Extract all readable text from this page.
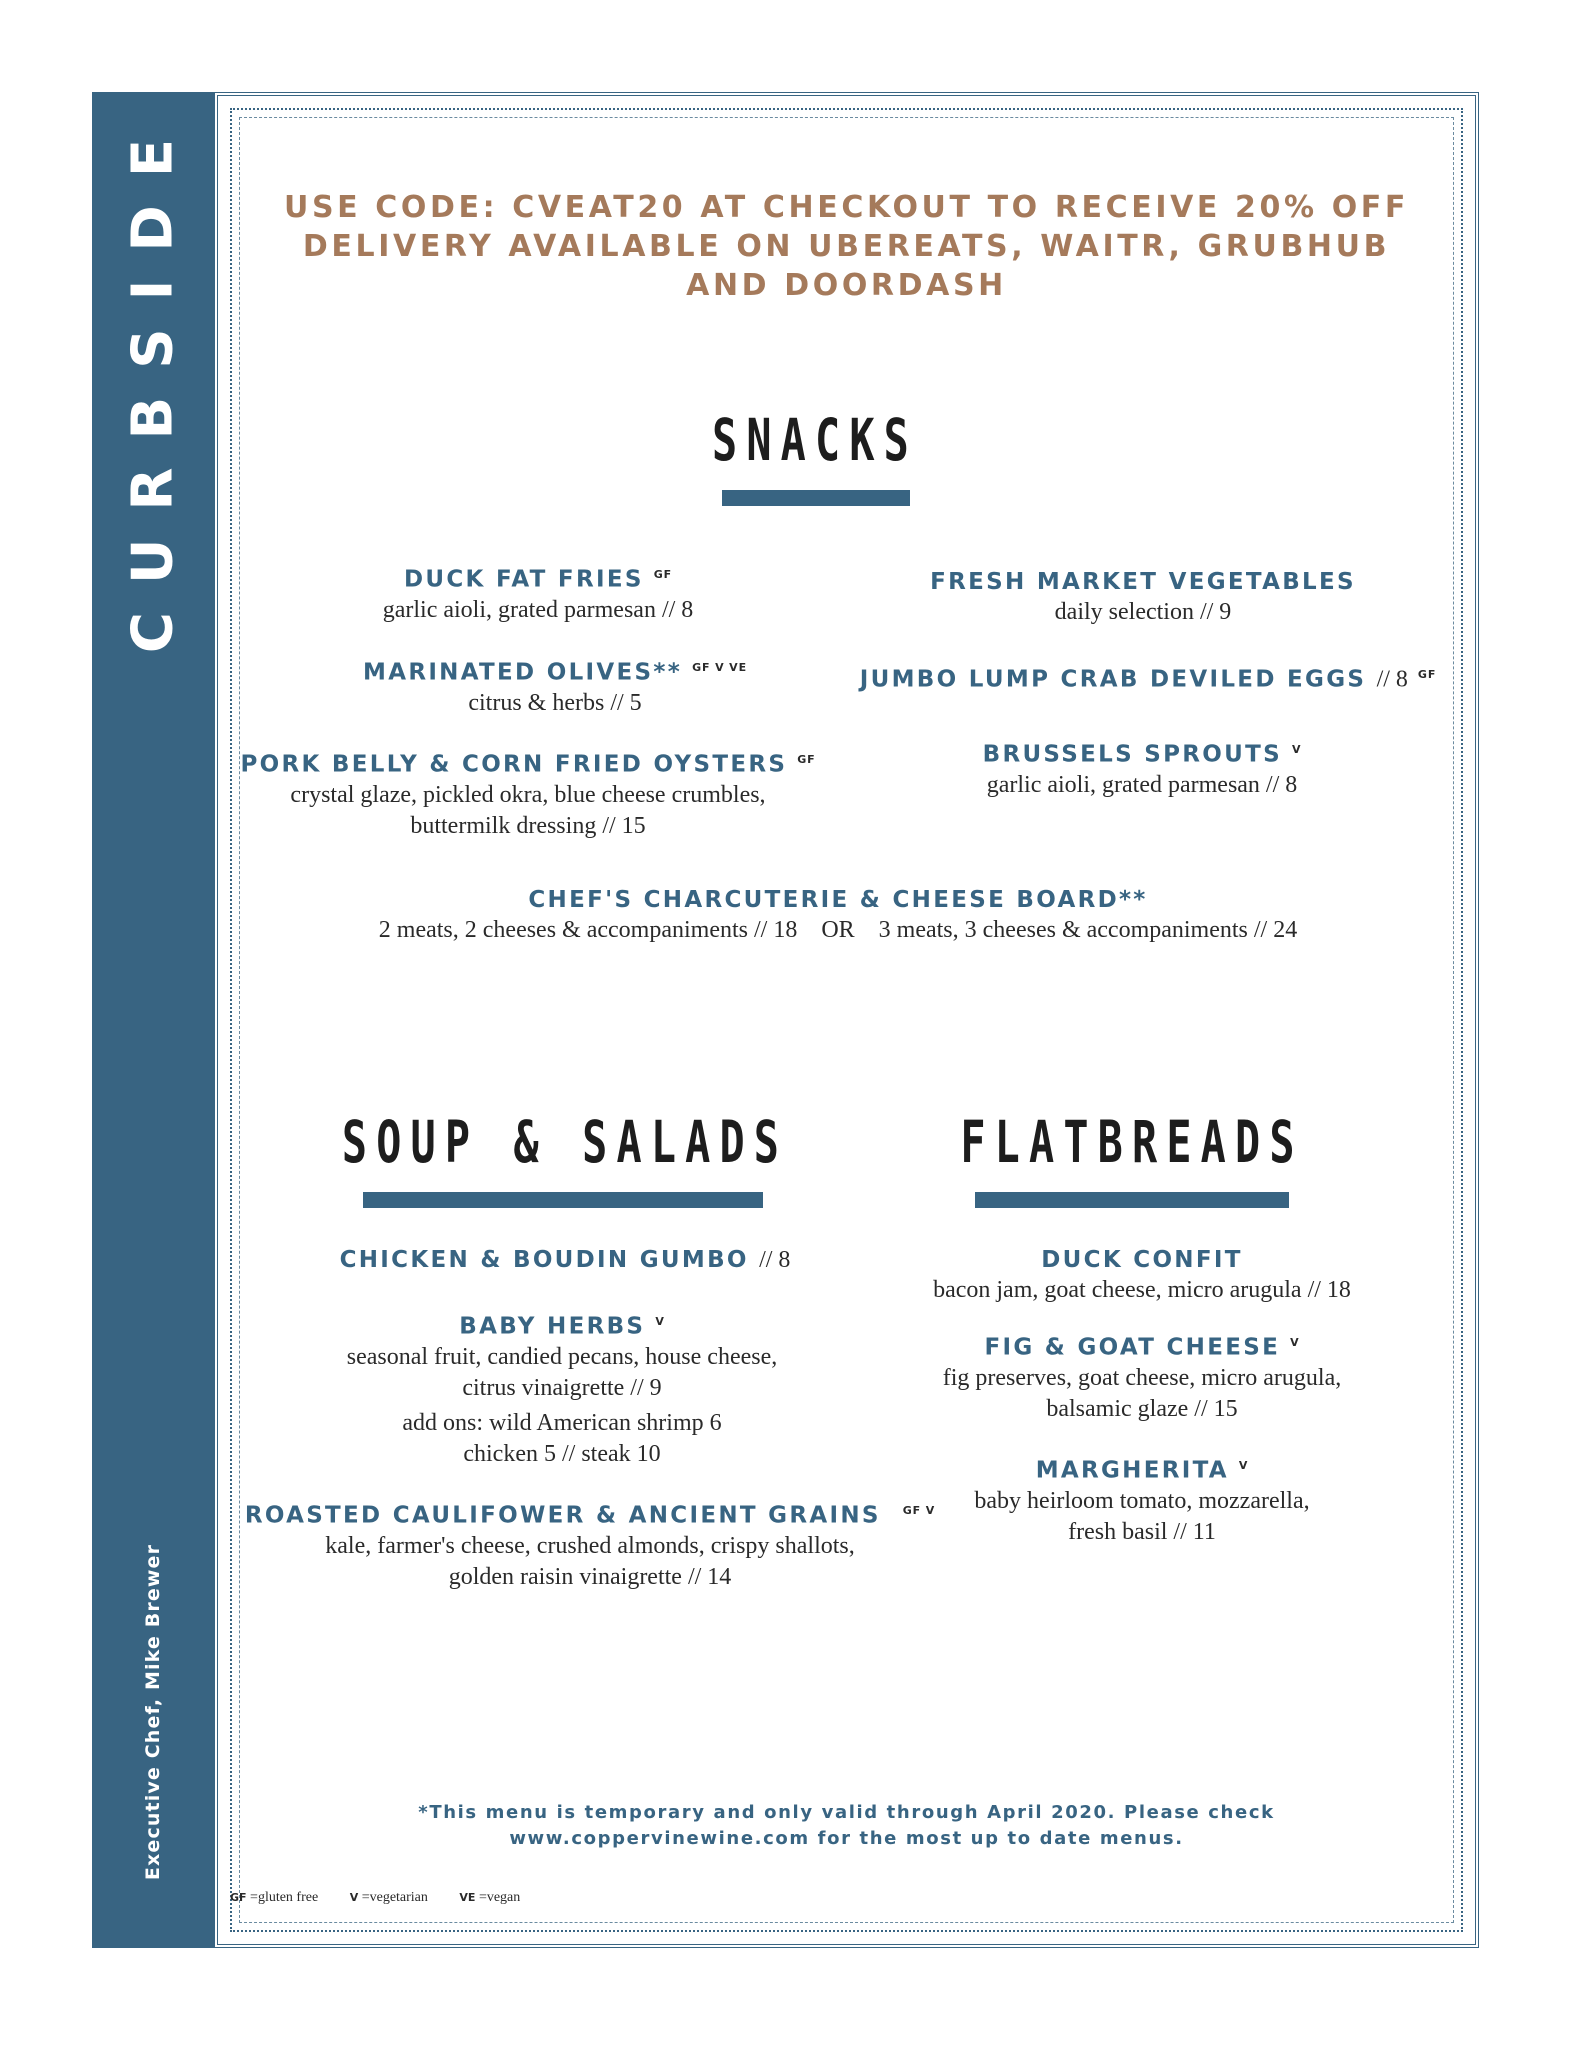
CURBSIDE
Executive Chef, Mike Brewer
USE CODE: CVEAT20 AT CHECKOUT TO RECEIVE 20% OFF
DELIVERY AVAILABLE ON UBEREATS, WAITR, GRUBHUB
AND DOORDASH
SNACKS
DUCK FAT FRIES $^{GF}$
garlic aioli, grated parmesan // 8
MARINATED OLIVES** $^{GF V VE}$
citrus & herbs // 5
PORK BELLY & CORN FRIED OYSTERS $^{GF}$
crystal glaze, pickled okra, blue cheese crumbles,
buttermilk dressing // 15
FRESH MARKET VEGETABLES
daily selection // 9
JUMBO LUMP CRAB DEVILED EGGS // 8 $^{GF}$
BRUSSELS SPROUTS $^V$
garlic aioli, grated parmesan // 8
CHEF'S CHARCUTERIE & CHEESE BOARD**
2 meats, 2 cheeses & accompaniments // 18    OR    3 meats, 3 cheeses & accompaniments // 24
SOUP & SALADS
CHICKEN & BOUDIN GUMBO // 8
BABY HERBS $^V$
seasonal fruit, candied pecans, house cheese,
citrus vinaigrette // 9
add ons: wild American shrimp 6
chicken 5 // steak 10
ROASTED CAULIFOWER & ANCIENT GRAINS $^{GF V}$
kale, farmer's cheese, crushed almonds, crispy shallots,
golden raisin vinaigrette // 14
FLATBREADS
DUCK CONFIT
bacon jam, goat cheese, micro arugula // 18
FIG & GOAT CHEESE $^V$
fig preserves, goat cheese, micro arugula,
balsamic glaze // 15
MARGHERITA $^V$
baby heirloom tomato, mozzarella,
fresh basil // 11
*This menu is temporary and only valid through April 2020. Please check
www.coppervinewine.com for the most up to date menus.
GF =gluten free	V =vegetarian	VE =vegan
